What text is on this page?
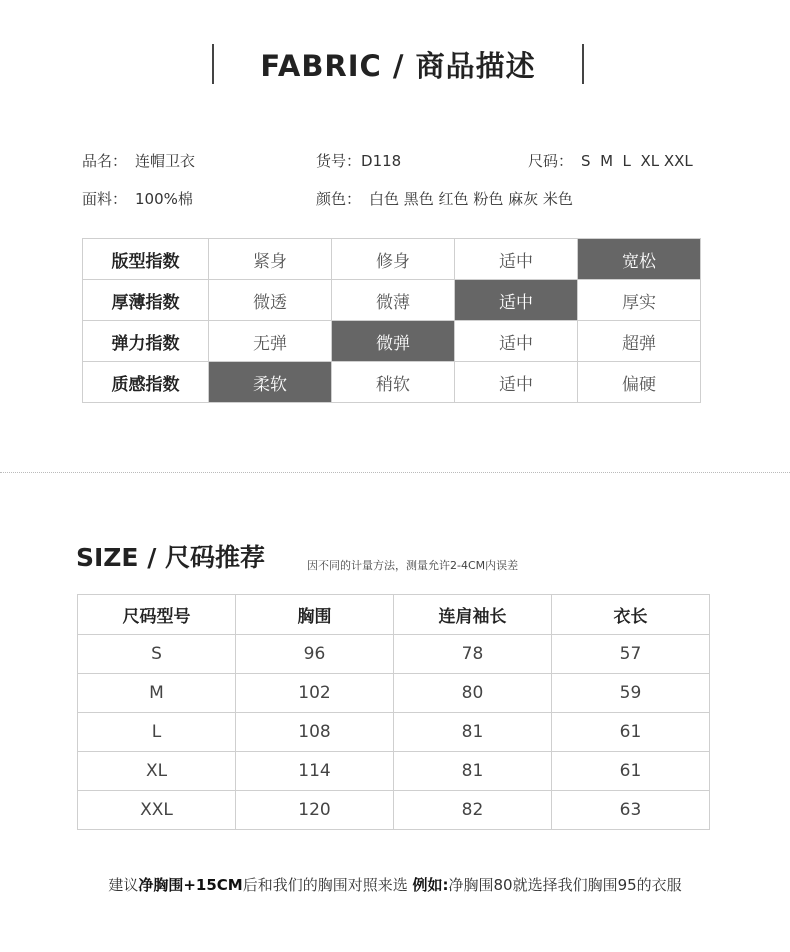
FABRIC / 商品描述
品名： 连帽卫衣	货号：D118	尺码： S  M  L  XL XXL
面料： 100%棉	颜色： 白色 黑色 红色 粉色 麻灰 米色
版型指数	紧身	修身	适中	宽松
厚薄指数	微透	微薄	适中	厚实
弹力指数	无弹	微弹	适中	超弹
质感指数	柔软	稍软	适中	偏硬
SIZE / 尺码推荐	因不同的计量方法，测量允许2-4CM内误差
尺码型号	胸围	连肩袖长	衣长
S	96	78	57
M	102	80	59
L	108	81	61
XL	114	81	61
XXL	120	82	63
建议净胸围+15CM后和我们的胸围对照来选 例如:净胸围80就选择我们胸围95的衣服
